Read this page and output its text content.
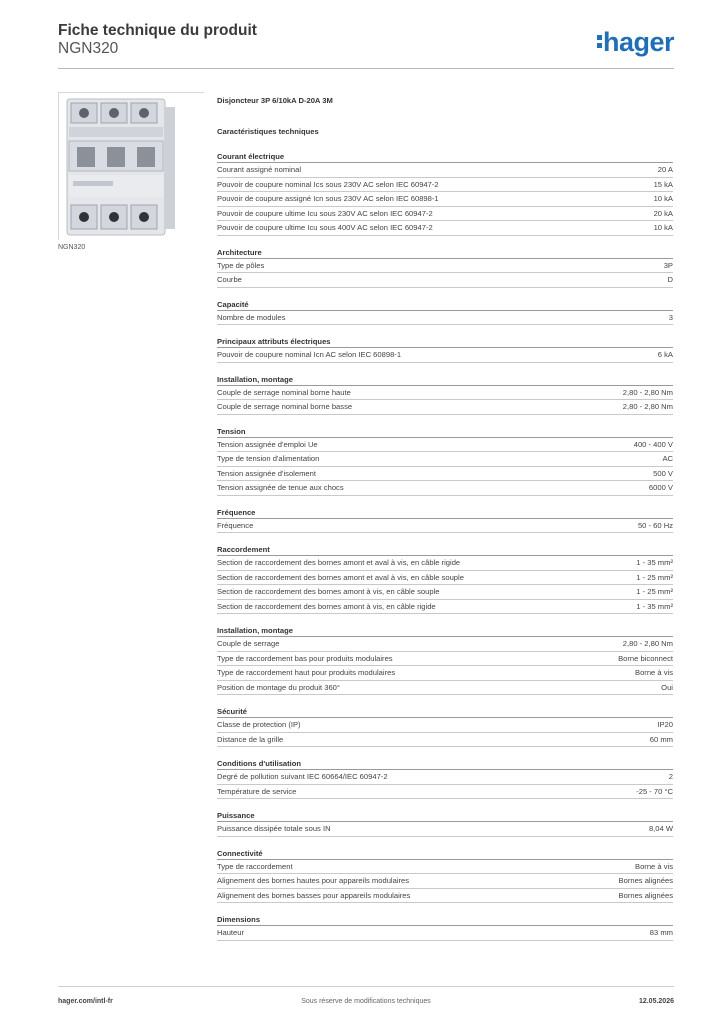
Fiche technique du produit
NGN320	hager
NGN320
Disjoncteur 3P 6/10kA D-20A 3M
Caractéristiques techniques
Courant électrique
Courant assigné nominal	20 A
Pouvoir de coupure nominal Ics sous 230V AC selon IEC 60947-2	15 kA
Pouvoir de coupure assigné Icn sous 230V AC selon IEC 60898-1	10 kA
Pouvoir de coupure ultime Icu sous 230V AC selon IEC 60947-2	20 kA
Pouvoir de coupure ultime Icu sous 400V AC selon IEC 60947-2	10 kA
Architecture
Type de pôles	3P
Courbe	D
Capacité
Nombre de modules	3
Principaux attributs électriques
Pouvoir de coupure nominal Icn AC selon IEC 60898-1	6 kA
Installation, montage
Couple de serrage nominal borne haute	2,80 - 2,80 Nm
Couple de serrage nominal borne basse	2,80 - 2,80 Nm
Tension
Tension assignée d'emploi Ue	400 - 400 V
Type de tension d'alimentation	AC
Tension assignée d'isolement	500 V
Tension assignée de tenue aux chocs	6000 V
Fréquence
Fréquence	50 - 60 Hz
Raccordement
Section de raccordement des bornes amont et aval à vis, en câble rigide	1 - 35 mm²
Section de raccordement des bornes amont et aval à vis, en câble souple	1 - 25 mm²
Section de raccordement des bornes amont à vis, en câble souple	1 - 25 mm²
Section de raccordement des bornes amont à vis, en câble rigide	1 - 35 mm²
Installation, montage
Couple de serrage	2,80 - 2,80 Nm
Type de raccordement bas pour produits modulaires	Borne biconnect
Type de raccordement haut pour produits modulaires	Borne à vis
Position de montage du produit 360°	Oui
Sécurité
Classe de protection (IP)	IP20
Distance de la grille	60 mm
Conditions d'utilisation
Degré de pollution suivant IEC 60664/IEC 60947-2	2
Température de service	-25 - 70 °C
Puissance
Puissance dissipée totale sous IN	8,04 W
Connectivité
Type de raccordement	Borne à vis
Alignement des bornes hautes pour appareils modulaires	Bornes alignées
Alignement des bornes basses pour appareils modulaires	Bornes alignées
Dimensions
Hauteur	83 mm
hager.com/intl-fr	Sous réserve de modifications techniques	12.05.2026
